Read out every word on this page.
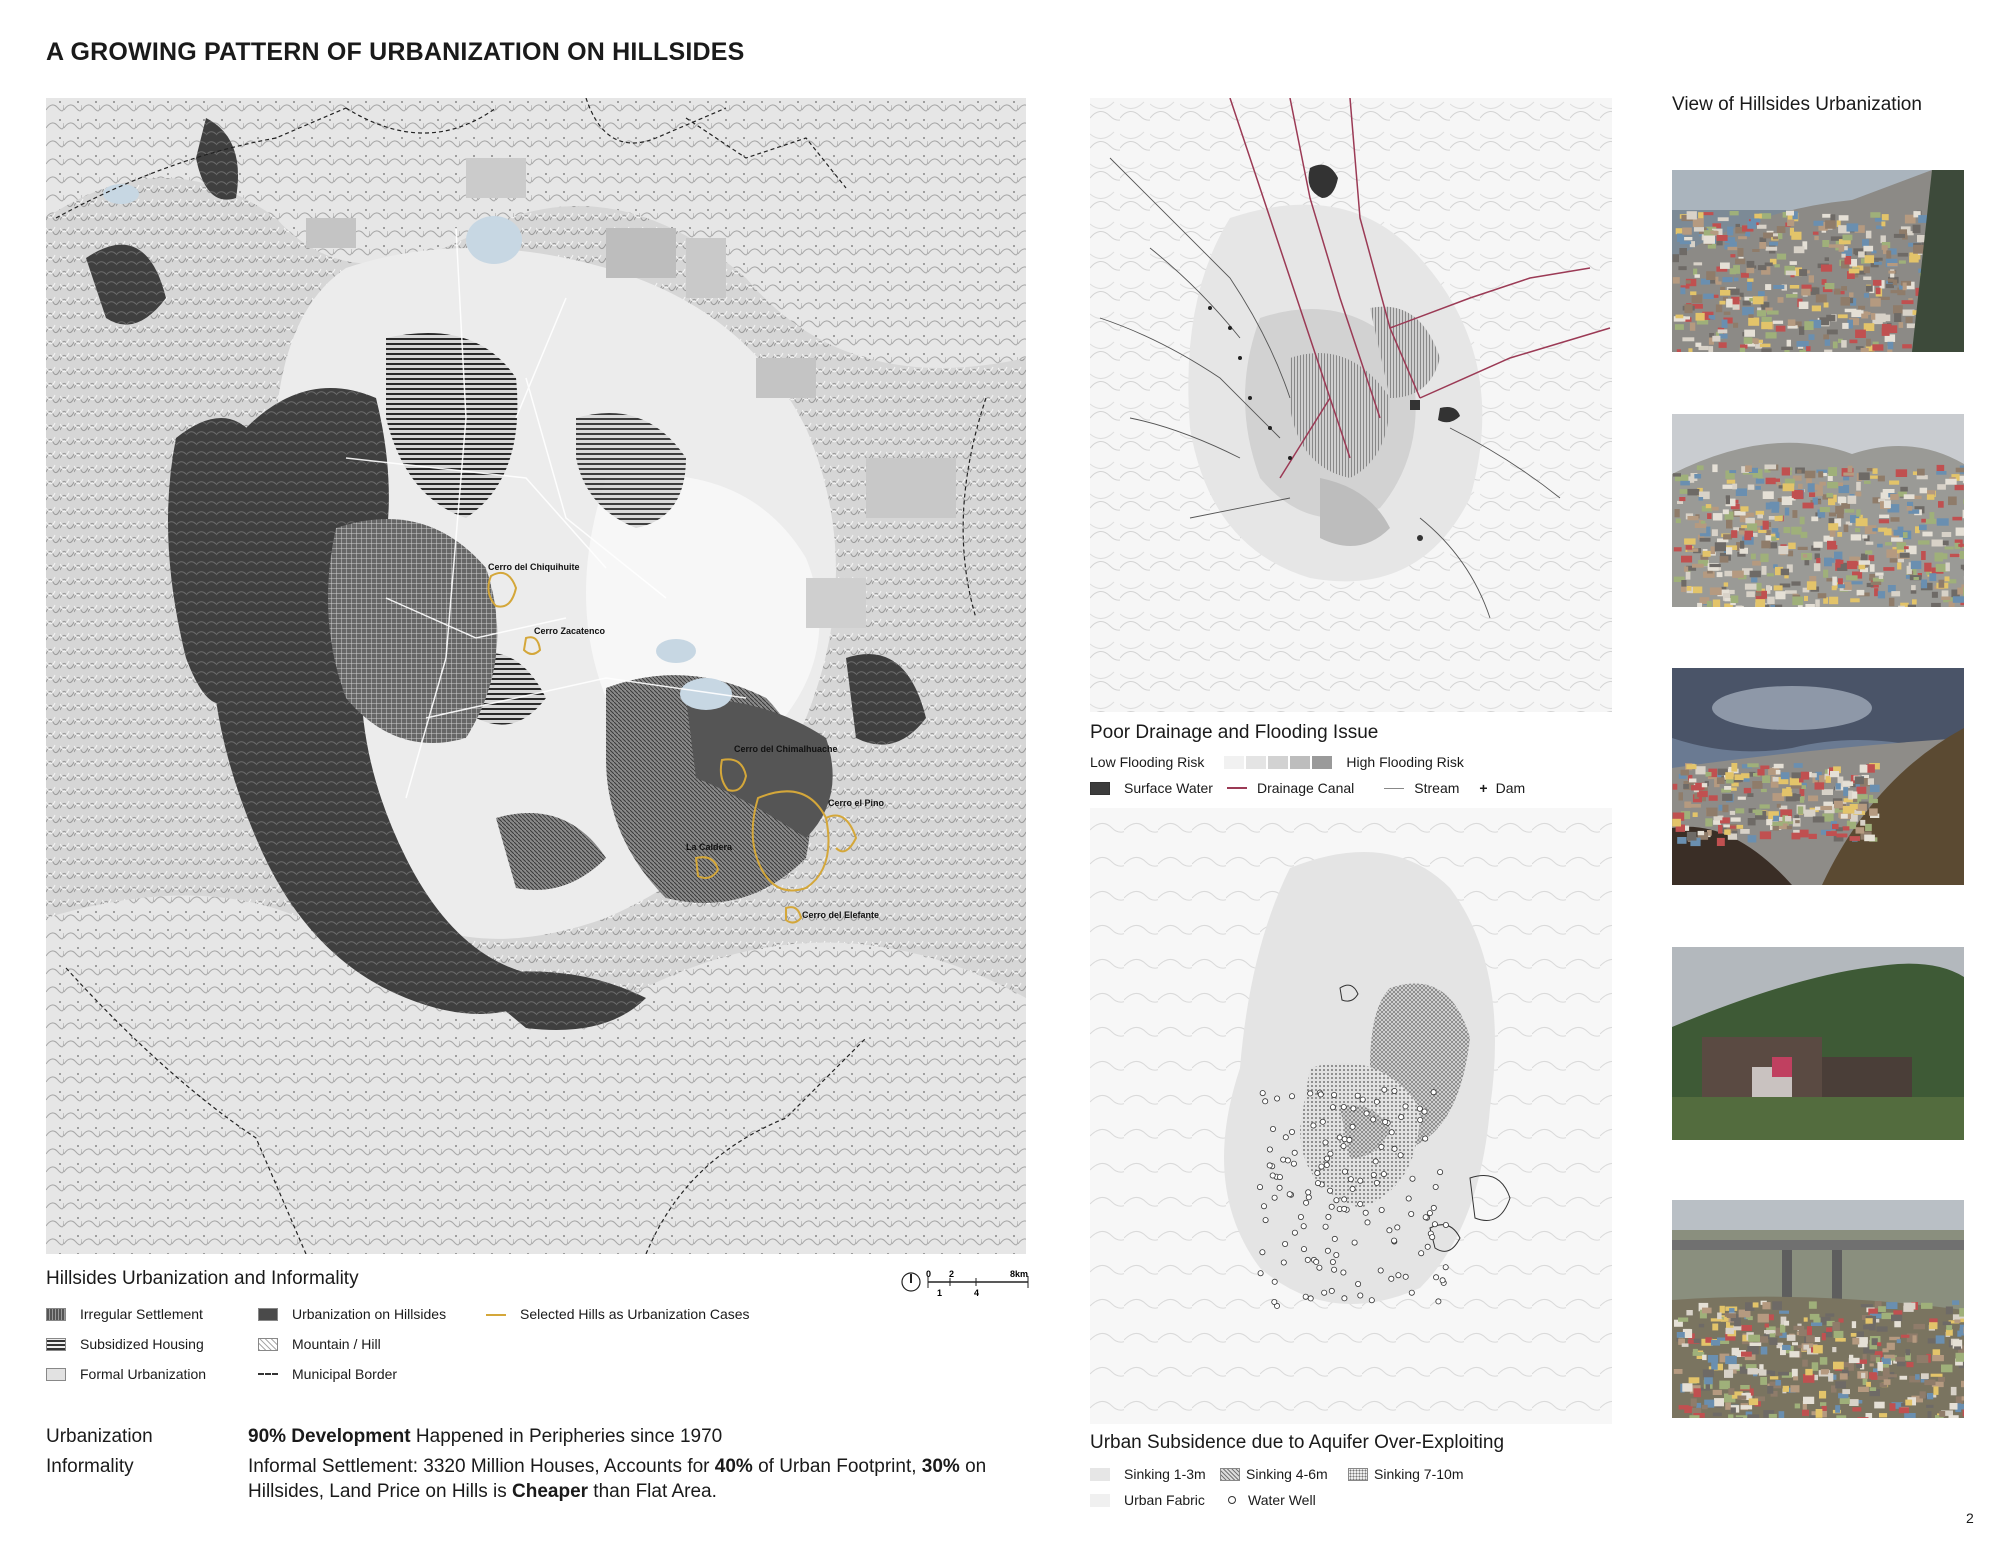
A GROWING PATTERN OF URBANIZATION ON HILLSIDES
Cerro del Chiquihuite
Cerro Zacatenco
Cerro del Chimalhuache
Cerro el Pino
La Caldera
Cerro del Elefante
Hillsides Urbanization and Informality	0 2	8km
1	4
Irregular Settlement	Urbanization on Hillsides	Selected Hills as Urbanization Cases
Subsidized Housing	Mountain / Hill
Formal Urbanization	Municipal Border
Urbanization	90% Development Happened in Peripheries since 1970
Informality	Informal Settlement: 3320 Million Houses, Accounts for 40% of Urban Footprint, 30% on Hillsides, Land Price on Hills is Cheaper than Flat Area.
Poor Drainage and Flooding Issue
Low Flooding Risk	High Flooding Risk
Surface Water	Drainage Canal	Stream + Dam
Urban Subsidence due to Aquifer Over-Exploiting
Sinking 1-3m	Sinking 4-6m	Sinking 7-10m
Urban Fabric	Water Well
View of Hillsides Urbanization
2
